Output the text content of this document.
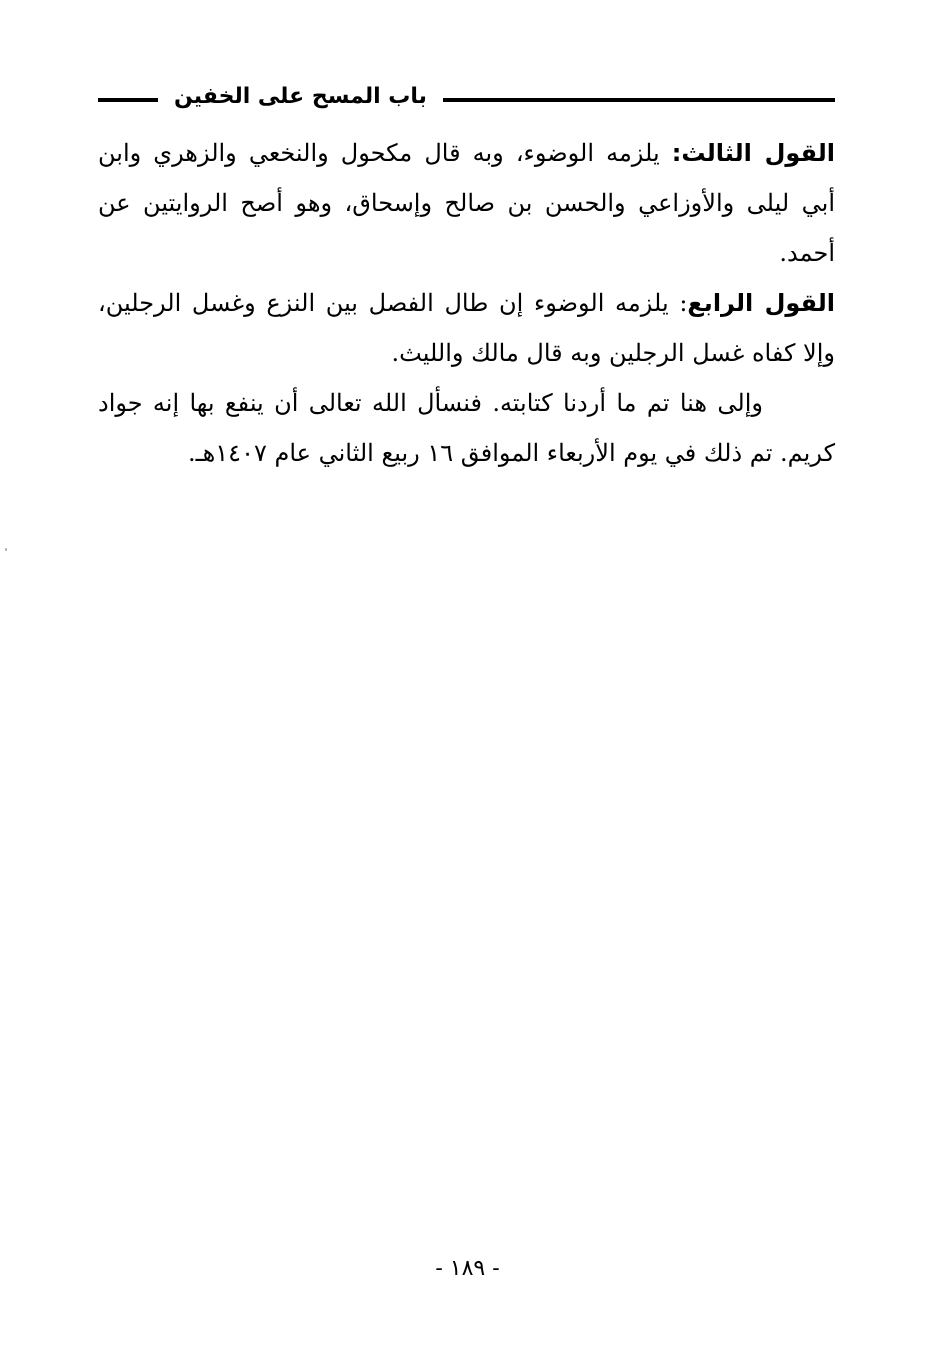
باب المسح على الخفين

القول الثالث: يلزمه الوضوء، وبه قال مكحول والنخعي والزهري وابن أبي ليلى والأوزاعي والحسن بن صالح وإسحاق، وهو أصح الروايتين عن أحمد.

القول الرابع: يلزمه الوضوء إن طال الفصل بين النزع وغسل الرجلين، وإلا كفاه غسل الرجلين وبه قال مالك والليث.

وإلى هنا تم ما أردنا كتابته. فنسأل الله تعالى أن ينفع بها إنه جواد كريم. تم ذلك في يوم الأربعاء الموافق ١٦ ربيع الثاني عام ١٤٠٧هـ.

- ١٨٩ -
